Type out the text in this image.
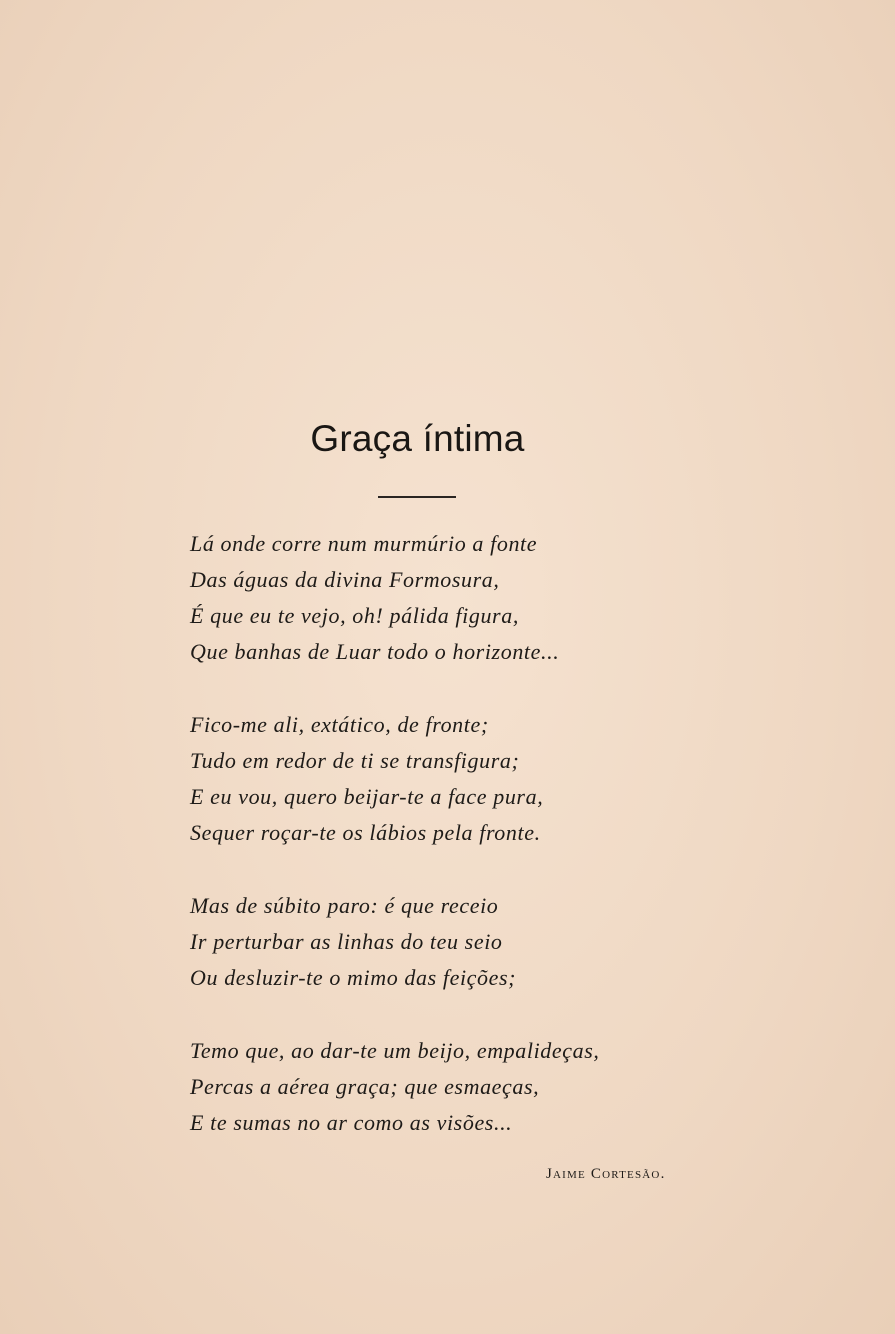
Graça íntima
Lá onde corre num murmúrio a fonte
Das águas da divina Formosura,
É que eu te vejo, oh! pálida figura,
Que banhas de Luar todo o horizonte...
Fico-me ali, extático, de fronte;
Tudo em redor de ti se transfigura;
E eu vou, quero beijar-te a face pura,
Sequer roçar-te os lábios pela fronte.
Mas de súbito paro: é que receio
Ir perturbar as linhas do teu seio
Ou desluzir-te o mimo das feições;
Temo que, ao dar-te um beijo, empalideças,
Percas a aérea graça; que esmaeças,
E te sumas no ar como as visões...
Jaime Cortesão.
